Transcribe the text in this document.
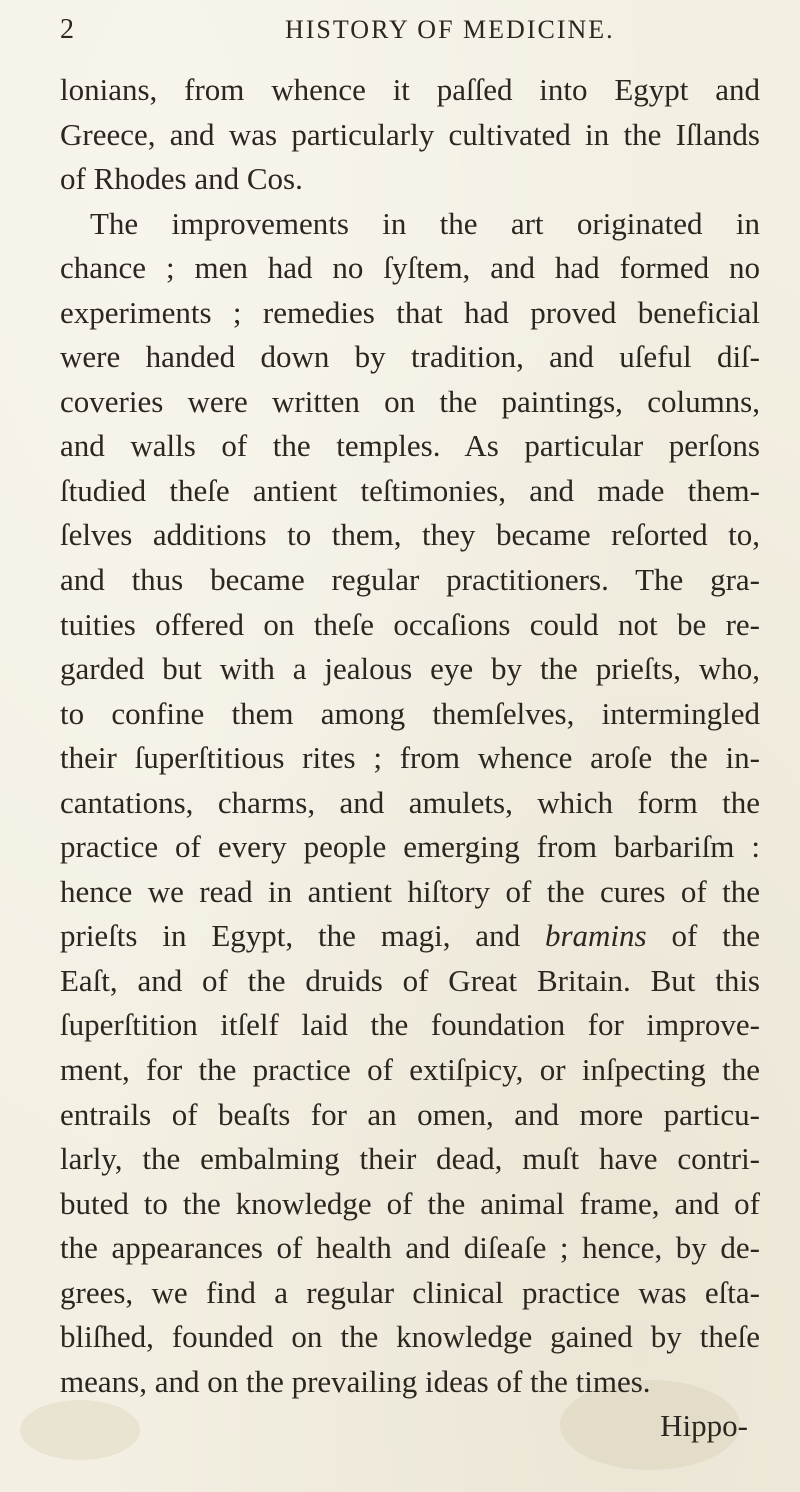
2	HISTORY OF MEDICINE.
lonians, from whence it paſſed into Egypt and
Greece, and was particularly cultivated in the Iſlands
of Rhodes and Cos.
The improvements in the art originated in
chance ; men had no ſyſtem, and had formed no
experiments ; remedies that had proved beneficial
were handed down by tradition, and uſeful diſ-
coveries were written on the paintings, columns,
and walls of the temples. As particular perſons
ſtudied theſe antient teſtimonies, and made them-
ſelves additions to them, they became reſorted to,
and thus became regular practitioners. The gra-
tuities offered on theſe occaſions could not be re-
garded but with a jealous eye by the prieſts, who,
to confine them among themſelves, intermingled
their ſuperſtitious rites ; from whence aroſe the in-
cantations, charms, and amulets, which form the
practice of every people emerging from barbariſm :
hence we read in antient hiſtory of the cures of the
prieſts in Egypt, the magi, and bramins of the
Eaſt, and of the druids of Great Britain. But this
ſuperſtition itſelf laid the foundation for improve-
ment, for the practice of extiſpicy, or inſpecting the
entrails of beaſts for an omen, and more particu-
larly, the embalming their dead, muſt have contri-
buted to the knowledge of the animal frame, and of
the appearances of health and diſeaſe ; hence, by de-
grees, we find a regular clinical practice was eſta-
bliſhed, founded on the knowledge gained by theſe
means, and on the prevailing ideas of the times.
Hippo-
